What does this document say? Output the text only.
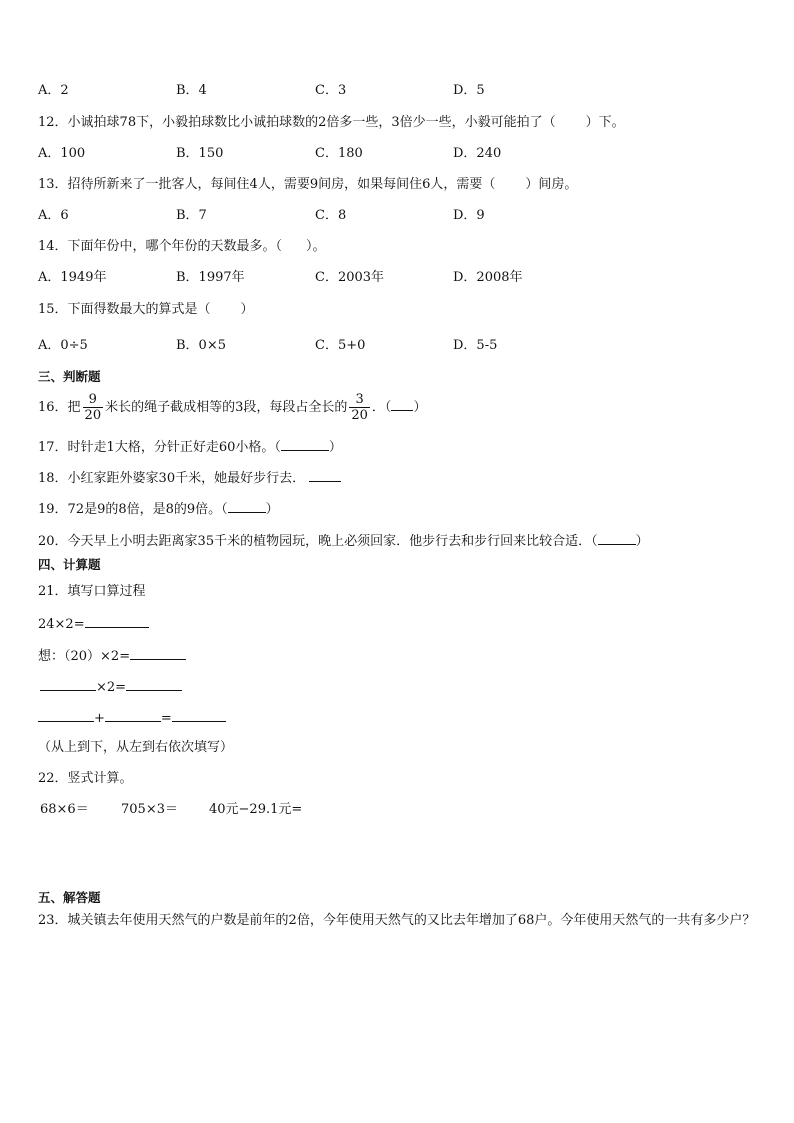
A．2	B．4	C．3	D．5
12．小诚拍球78下，小毅拍球数比小诚拍球数的2倍多一些，3倍少一些，小毅可能拍了（ ）下。
A．100	B．150	C．180	D．240
13．招待所新来了一批客人，每间住4人，需要9间房，如果每间住6人，需要（ ）间房。
A．6	B．7	C．8	D．9
14．下面年份中，哪个年份的天数最多。（ ）。
A．1949年	B．1997年	C．2003年	D．2008年
15．下面得数最大的算式是（ ）
A．0÷5	B．0×5	C．5+0	D．5-5
三、判断题
16．把 $\frac{9}{20}$ 米长的绳子截成相等的3段，每段占全长的 $\frac{3}{20}$ ．（ ）
17．时针走1大格，分针正好走60小格。（	）
18．小红家距外婆家30千米，她最好步行去．
19．72是9的8倍，是8的9倍。（	）
20．今天早上小明去距离家35千米的植物园玩，晚上必须回家．他步行去和步行回来比较合适．（	）
四、计算题
21．填写口算过程
24×2=
想：（20）×2=
×2=
+	=
（从上到下，从左到右依次填写）
22．竖式计算。
68×6＝ 705×3＝ 40元−29.1元=
五、解答题
23．城关镇去年使用天然气的户数是前年的2倍，今年使用天然气的又比去年增加了68户。今年使用天然气的一共有多少户？
